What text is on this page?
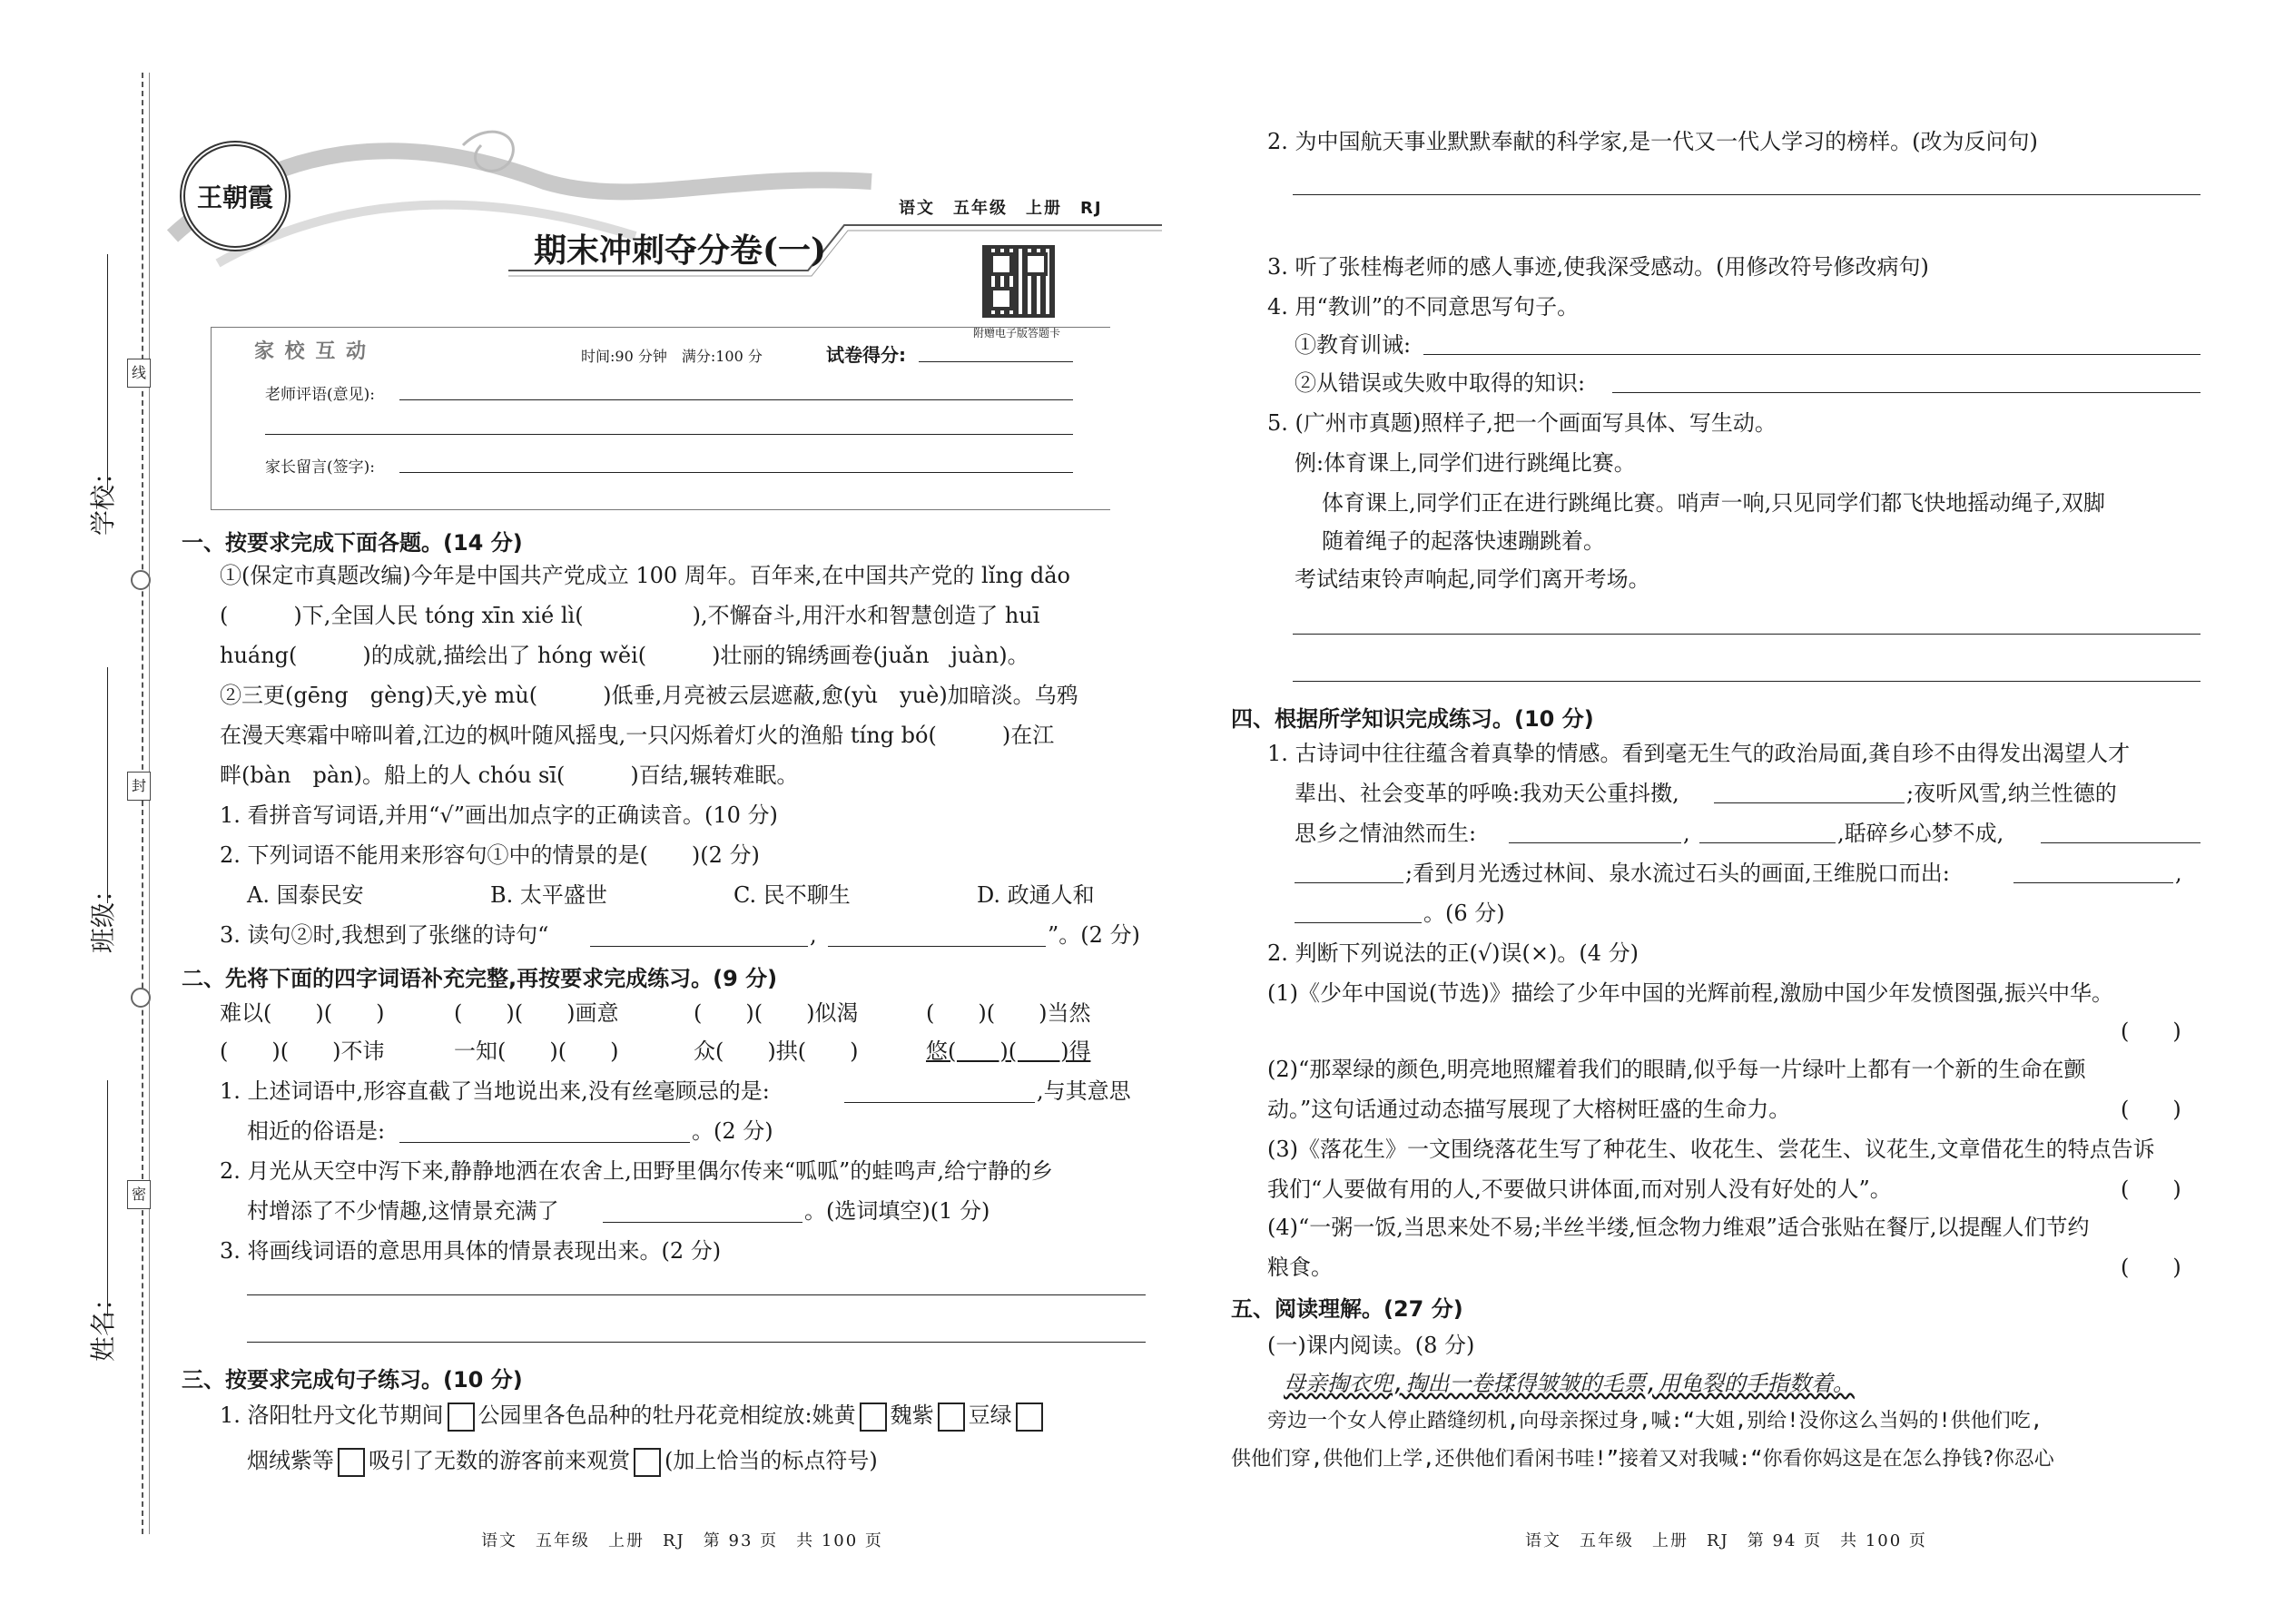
线
封
密
学校：
班级：
姓名：
王朝霞	语文　五年级　上册　RJ
期末冲刺夺分卷(一)
附赠电子版答题卡
家 校 互 动	时间:90 分钟　满分:100 分	试卷得分:
老师评语(意见):
家长留言(签字):
一、按要求完成下面各题。(14 分)
①(保定市真题改编)今年是中国共产党成立 100 周年。百年来,在中国共产党的 lǐng dǎo
(　　　)下,全国人民 tóng xīn xié lì(　　　　　),不懈奋斗,用汗水和智慧创造了 huī
huáng(　　　)的成就,描绘出了 hóng wěi(　　　)壮丽的锦绣画卷(juǎn　juàn)。
②三更(gēng　gèng)天,yè mù(　　　)低垂,月亮被云层遮蔽,愈(yù　yuè)加暗淡。乌鸦
在漫天寒霜中啼叫着,江边的枫叶随风摇曳,一只闪烁着灯火的渔船 tíng bó(　　　)在江
畔(bàn　pàn)。船上的人 chóu sī(　　　)百结,辗转难眠。
1. 看拼音写词语,并用“√”画出加点字的正确读音。(10 分)
2. 下列词语不能用来形容句①中的情景的是(　　)(2 分)
A. 国泰民安	B. 太平盛世	C. 民不聊生	D. 政通人和
3. 读句②时,我想到了张继的诗句“	,	”。(2 分)
二、先将下面的四字词语补充完整,再按要求完成练习。(9 分)
难以(　　)(　　)	(　　)(　　)画意	(　　)(　　)似渴	(　　)(　　)当然
(　　)(　　)不讳	一知(　　)(　　)	众(　　)拱(　　)	悠(　　)(　　)得
1. 上述词语中,形容直截了当地说出来,没有丝毫顾忌的是:	,与其意思
相近的俗语是:	。(2 分)
2. 月光从天空中泻下来,静静地洒在农舍上,田野里偶尔传来“呱呱”的蛙鸣声,给宁静的乡
村增添了不少情趣,这情景充满了	。(选词填空)(1 分)
3. 将画线词语的意思用具体的情景表现出来。(2 分)
三、按要求完成句子练习。(10 分)
1. 洛阳牡丹文化节期间 公园里各色品种的牡丹花竞相绽放:姚黄 魏紫 豆绿
烟绒紫等 吸引了无数的游客前来观赏 (加上恰当的标点符号)
语文　五年级　上册　RJ　第 93 页　共 100 页
2. 为中国航天事业默默奉献的科学家,是一代又一代人学习的榜样。(改为反问句)
3. 听了张桂梅老师的感人事迹,使我深受感动。(用修改符号修改病句)
4. 用“教训”的不同意思写句子。
①教育训诫:
②从错误或失败中取得的知识:
5. (广州市真题)照样子,把一个画面写具体、写生动。
例:体育课上,同学们进行跳绳比赛。
体育课上,同学们正在进行跳绳比赛。哨声一响,只见同学们都飞快地摇动绳子,双脚
随着绳子的起落快速蹦跳着。
考试结束铃声响起,同学们离开考场。
四、根据所学知识完成练习。(10 分)
1. 古诗词中往往蕴含着真挚的情感。看到毫无生气的政治局面,龚自珍不由得发出渴望人才
辈出、社会变革的呼唤:我劝天公重抖擞,	;夜听风雪,纳兰性德的
思乡之情油然而生:	,	,聒碎乡心梦不成,
;看到月光透过林间、泉水流过石头的画面,王维脱口而出:	,
。(6 分)
2. 判断下列说法的正(√)误(×)。(4 分)
(1)《少年中国说(节选)》描绘了少年中国的光辉前程,激励中国少年发愤图强,振兴中华。
(　　)
(2)“那翠绿的颜色,明亮地照耀着我们的眼睛,似乎每一片绿叶上都有一个新的生命在颤
动。”这句话通过动态描写展现了大榕树旺盛的生命力。	(　　)
(3)《落花生》一文围绕落花生写了种花生、收花生、尝花生、议花生,文章借花生的特点告诉
我们“人要做有用的人,不要做只讲体面,而对别人没有好处的人”。	(　　)
(4)“一粥一饭,当思来处不易;半丝半缕,恒念物力维艰”适合张贴在餐厅,以提醒人们节约
粮食。	(　　)
五、阅读理解。(27 分)
(一)课内阅读。(8 分)
母亲掏衣兜,掏出一卷揉得皱皱的毛票,用龟裂的手指数着。
旁边一个女人停止踏缝纫机,向母亲探过身,喊:“大姐,别给!没你这么当妈的!供他们吃,
供他们穿,供他们上学,还供他们看闲书哇!”接着又对我喊:“你看你妈这是在怎么挣钱?你忍心
语文　五年级　上册　RJ　第 94 页　共 100 页
